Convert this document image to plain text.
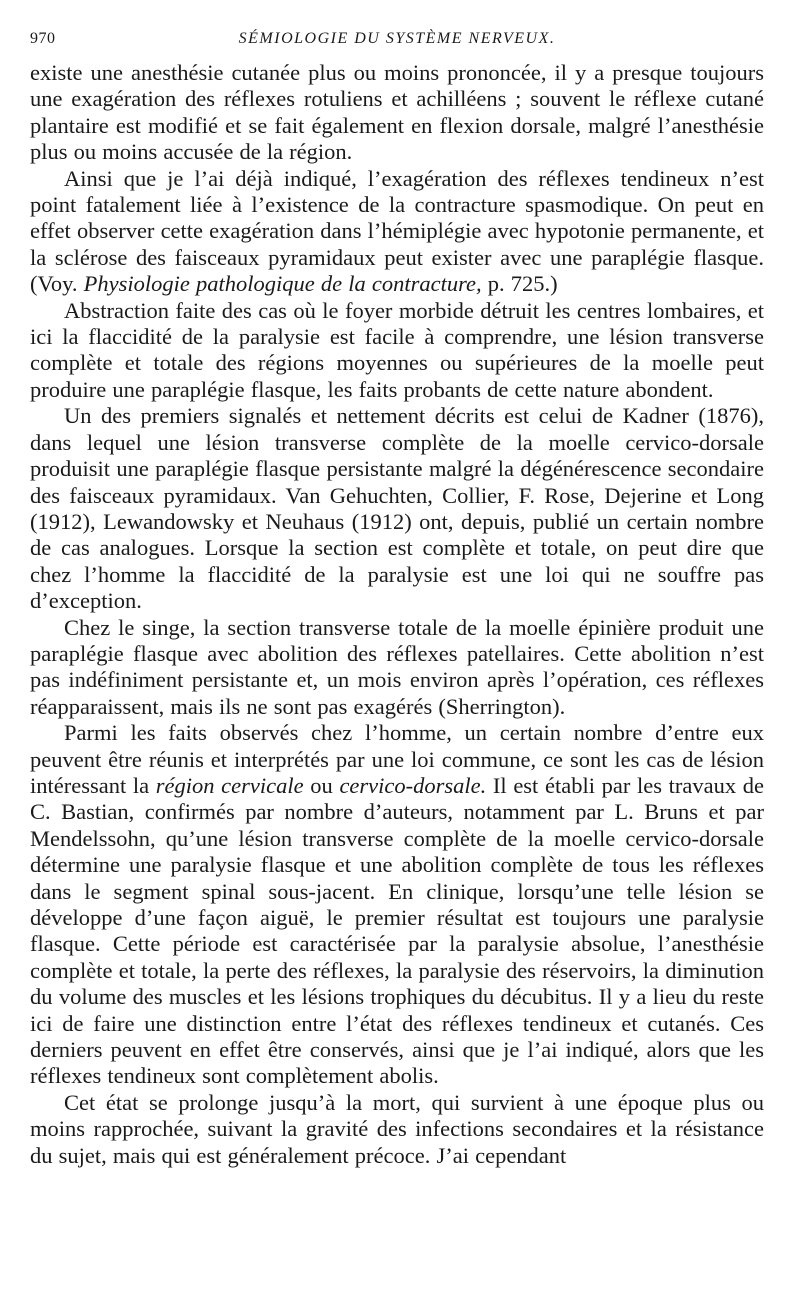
970	SÉMIOLOGIE DU SYSTÈME NERVEUX.

existe une anesthésie cutanée plus ou moins prononcée, il y a presque toujours une exagération des réflexes rotuliens et achilléens ; souvent le réflexe cutané plantaire est modifié et se fait également en flexion dorsale, malgré l’anesthésie plus ou moins accusée de la région.

Ainsi que je l’ai déjà indiqué, l’exagération des réflexes tendineux n’est point fatalement liée à l’existence de la contracture spasmodique. On peut en effet observer cette exagération dans l’hémiplégie avec hypotonie permanente, et la sclérose des faisceaux pyramidaux peut exister avec une paraplégie flasque. (Voy. Physiologie pathologique de la contracture, p. 725.)

Abstraction faite des cas où le foyer morbide détruit les centres lombaires, et ici la flaccidité de la paralysie est facile à comprendre, une lésion transverse complète et totale des régions moyennes ou supérieures de la moelle peut produire une paraplégie flasque, les faits probants de cette nature abondent.

Un des premiers signalés et nettement décrits est celui de Kadner (1876), dans lequel une lésion transverse complète de la moelle cervico-dorsale produisit une paraplégie flasque persistante malgré la dégénérescence secondaire des faisceaux pyramidaux. Van Gehuchten, Collier, F. Rose, Dejerine et Long (1912), Lewandowsky et Neuhaus (1912) ont, depuis, publié un certain nombre de cas analogues. Lorsque la section est complète et totale, on peut dire que chez l’homme la flaccidité de la paralysie est une loi qui ne souffre pas d’exception.

Chez le singe, la section transverse totale de la moelle épinière produit une paraplégie flasque avec abolition des réflexes patellaires. Cette abolition n’est pas indéfiniment persistante et, un mois environ après l’opération, ces réflexes réapparaissent, mais ils ne sont pas exagérés (Sherrington).

Parmi les faits observés chez l’homme, un certain nombre d’entre eux peuvent être réunis et interprétés par une loi commune, ce sont les cas de lésion intéressant la région cervicale ou cervico-dorsale. Il est établi par les travaux de C. Bastian, confirmés par nombre d’auteurs, notamment par L. Bruns et par Mendelssohn, qu’une lésion transverse complète de la moelle cervico-dorsale détermine une paralysie flasque et une abolition complète de tous les réflexes dans le segment spinal sous-jacent. En clinique, lorsqu’une telle lésion se développe d’une façon aiguë, le premier résultat est toujours une paralysie flasque. Cette période est caractérisée par la paralysie absolue, l’anesthésie complète et totale, la perte des réflexes, la paralysie des réservoirs, la diminution du volume des muscles et les lésions trophiques du décubitus. Il y a lieu du reste ici de faire une distinction entre l’état des réflexes tendineux et cutanés. Ces derniers peuvent en effet être conservés, ainsi que je l’ai indiqué, alors que les réflexes tendineux sont complètement abolis.

Cet état se prolonge jusqu’à la mort, qui survient à une époque plus ou moins rapprochée, suivant la gravité des infections secondaires et la résistance du sujet, mais qui est généralement précoce. J’ai cependant
